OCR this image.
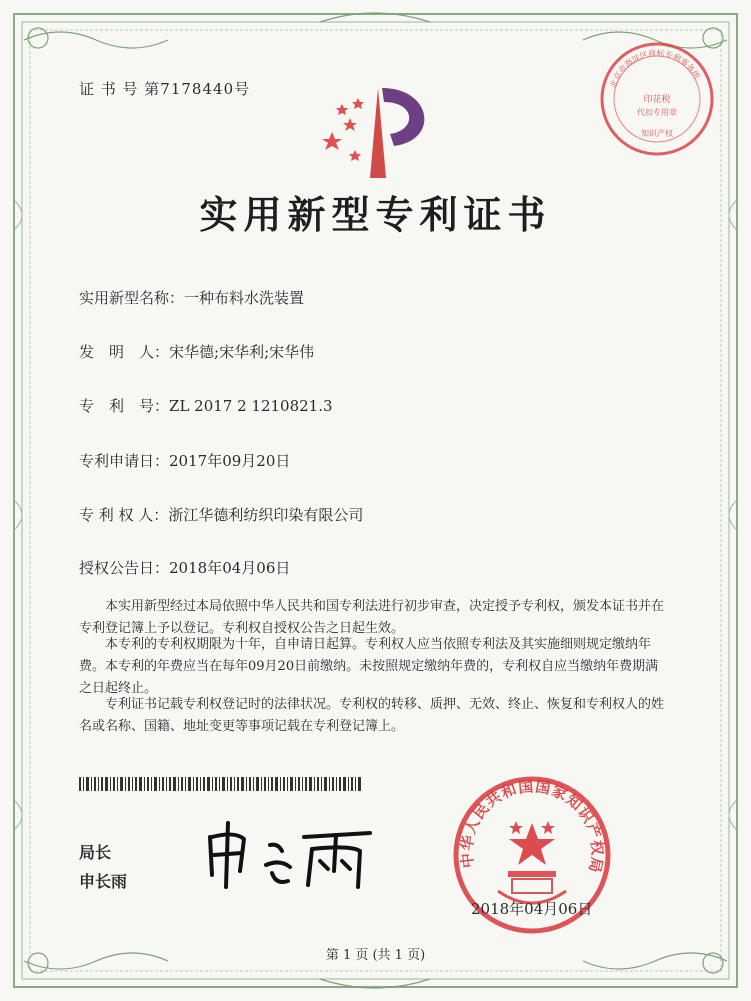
证 书 号 第7178440号	北京市海淀区商标专利事务所
印花税
代扣专用章
知识产权
实用新型专利证书
实用新型名称：一种布料水洗装置
发　明　人：宋华德;宋华利;宋华伟
专　利　号：ZL 2017 2 1210821.3
专利申请日：2017年09月20日
专 利 权 人：浙江华德利纺织印染有限公司
授权公告日：2018年04月06日
本实用新型经过本局依照中华人民共和国专利法进行初步审查，决定授予专利权，颁发本证书并在专利登记簿上予以登记。专利权自授权公告之日起生效。
本专利的专利权期限为十年，自申请日起算。专利权人应当依照专利法及其实施细则规定缴纳年费。本专利的年费应当在每年09月20日前缴纳。未按照规定缴纳年费的，专利权自应当缴纳年费期满之日起终止。
专利证书记载专利权登记时的法律状况。专利权的转移、质押、无效、终止、恢复和专利权人的姓名或名称、国籍、地址变更等事项记载在专利登记簿上。
局长
申长雨
中华人民共和国国家知识产权局
2018年04月06日
第 1 页 (共 1 页)
